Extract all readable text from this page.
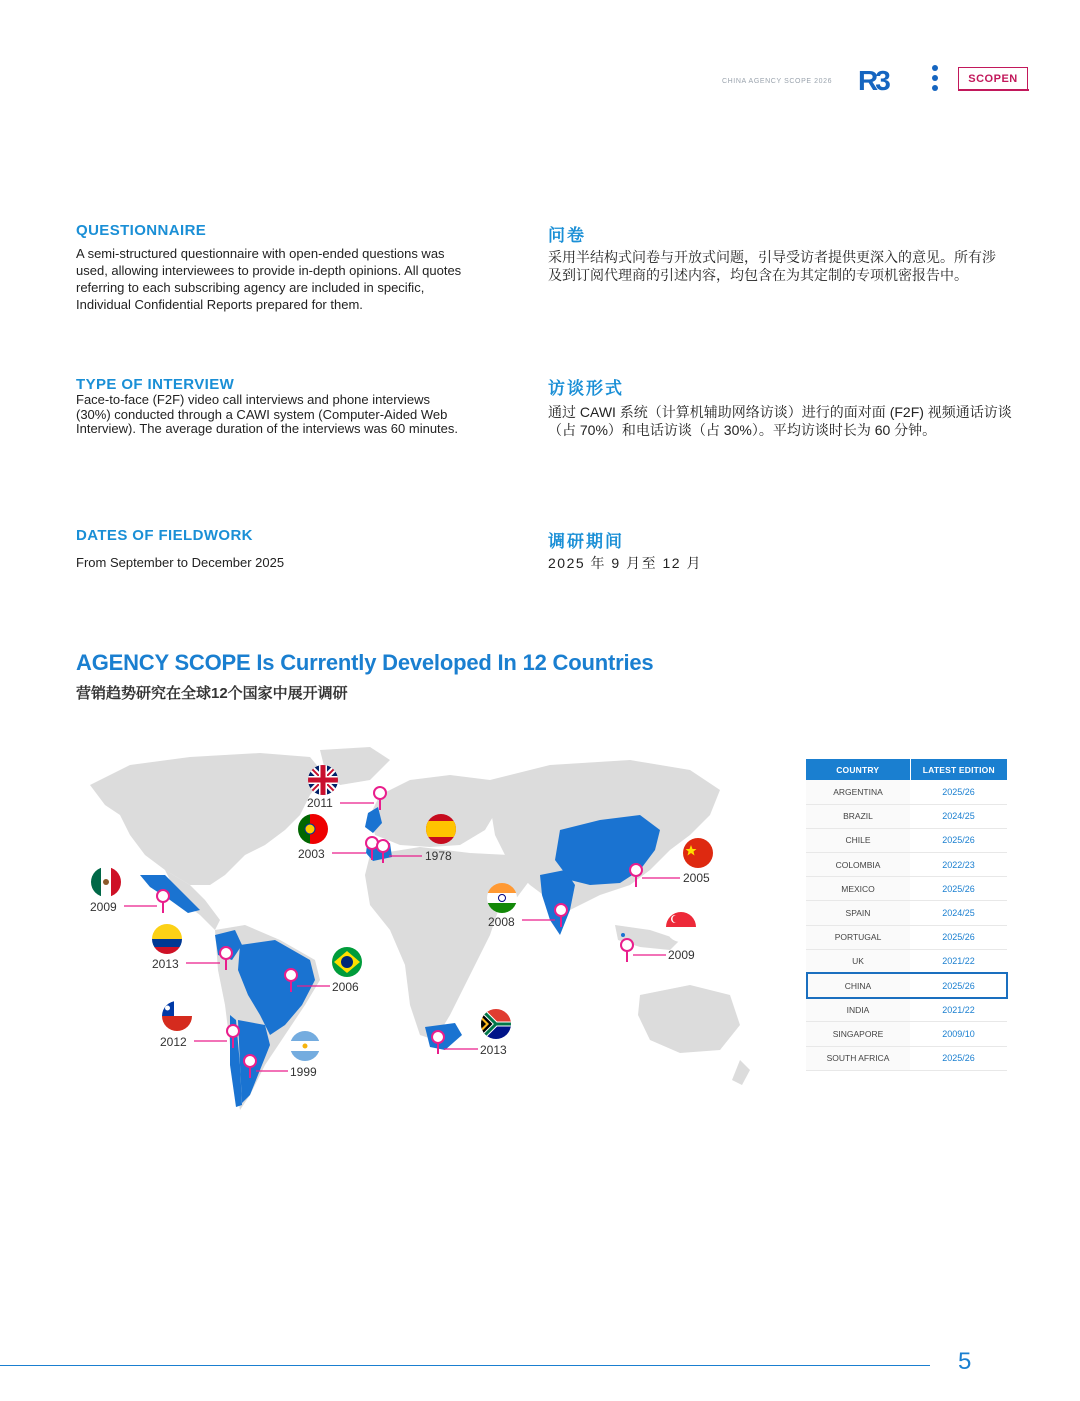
CHINA AGENCY SCOPE 2026 R3	SCOPEN
QUESTIONNAIRE
A semi-structured questionnaire with open-ended questions was used, allowing interviewees to provide in-depth opinions. All quotes referring to each subscribing agency are included in specific, Individual Confidential Reports prepared for them.
问卷
采用半结构式问卷与开放式问题，引导受访者提供更深入的意见。所有涉及到订阅代理商的引述内容，均包含在为其定制的专项机密报告中。
TYPE OF INTERVIEW
Face-to-face (F2F) video call interviews and phone interviews (30%) conducted through a CAWI system (Computer-Aided Web Interview). The average duration of the interviews was 60 minutes.
访谈形式
通过 CAWI 系统（计算机辅助网络访谈）进行的面对面 (F2F) 视频通话访谈（占 70%）和电话访谈（占 30%）。平均访谈时长为 60 分钟。
DATES OF FIELDWORK
From September to December 2025
调研期间
2025 年 9 月至 12 月
AGENCY SCOPE Is Currently Developed In 12 Countries
营销趋势研究在全球12个国家中展开调研
2011
2003	1978
2009
2008
2005
2009
2013
2006
2012
1999
2013
COUNTRY	LATEST EDITION
ARGENTINA	2025/26
BRAZIL	2024/25
CHILE	2025/26
COLOMBIA	2022/23
MEXICO	2025/26
SPAIN	2024/25
PORTUGAL	2025/26
UK	2021/22
CHINA	2025/26
INDIA	2021/22
SINGAPORE	2009/10
SOUTH AFRICA	2025/26
5
